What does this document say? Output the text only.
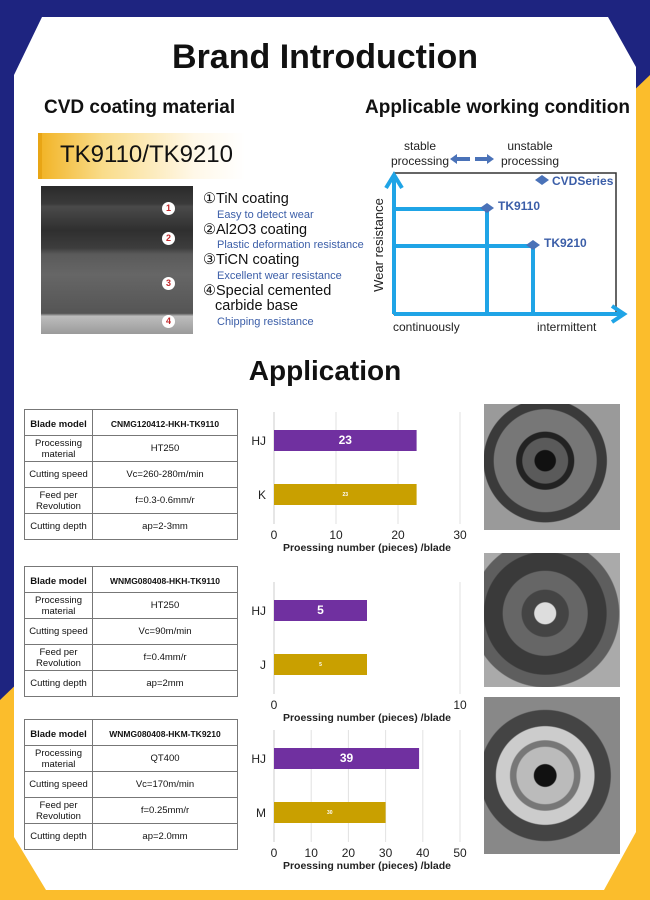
Brand Introduction
CVD coating material	Applicable working condition
TK9110/TK9210
1
2
3
4
①TiN coating
Easy to detect wear
②Al2O3 coating
Plastic deformation resistance
③TiCN coating
Excellent wear resistance
④Special cemented
carbide base
Chipping resistance
stable
processing
unstable
processing
CVDSeries
TK9110
TK9210
Wear resistance
continuously	intermittent
Application
Blade model	CNMG120412-HKH-TK9110
Processing material	HT250
Cutting speed	Vc=260-280m/min
Feed per Revolution	f=0.3-0.6mm/r
Cutting depth	ap=2-3mm
Blade model	WNMG080408-HKH-TK9110
Processing material	HT250
Cutting speed	Vc=90m/min
Feed per Revolution	f=0.4mm/r
Cutting depth	ap=2mm
Blade model	WNMG080408-HKM-TK9210
Processing material	QT400
Cutting speed	Vc=170m/min
Feed per Revolution	f=0.25mm/r
Cutting depth	ap=2.0mm
0	10	20	30
HJ	23
K	23
Proessing number (pieces) /blade
0	10
HJ	5
J	5
Proessing number (pieces) /blade
0 10 20 30 40 50
HJ	39
M	30
Proessing number (pieces) /blade
